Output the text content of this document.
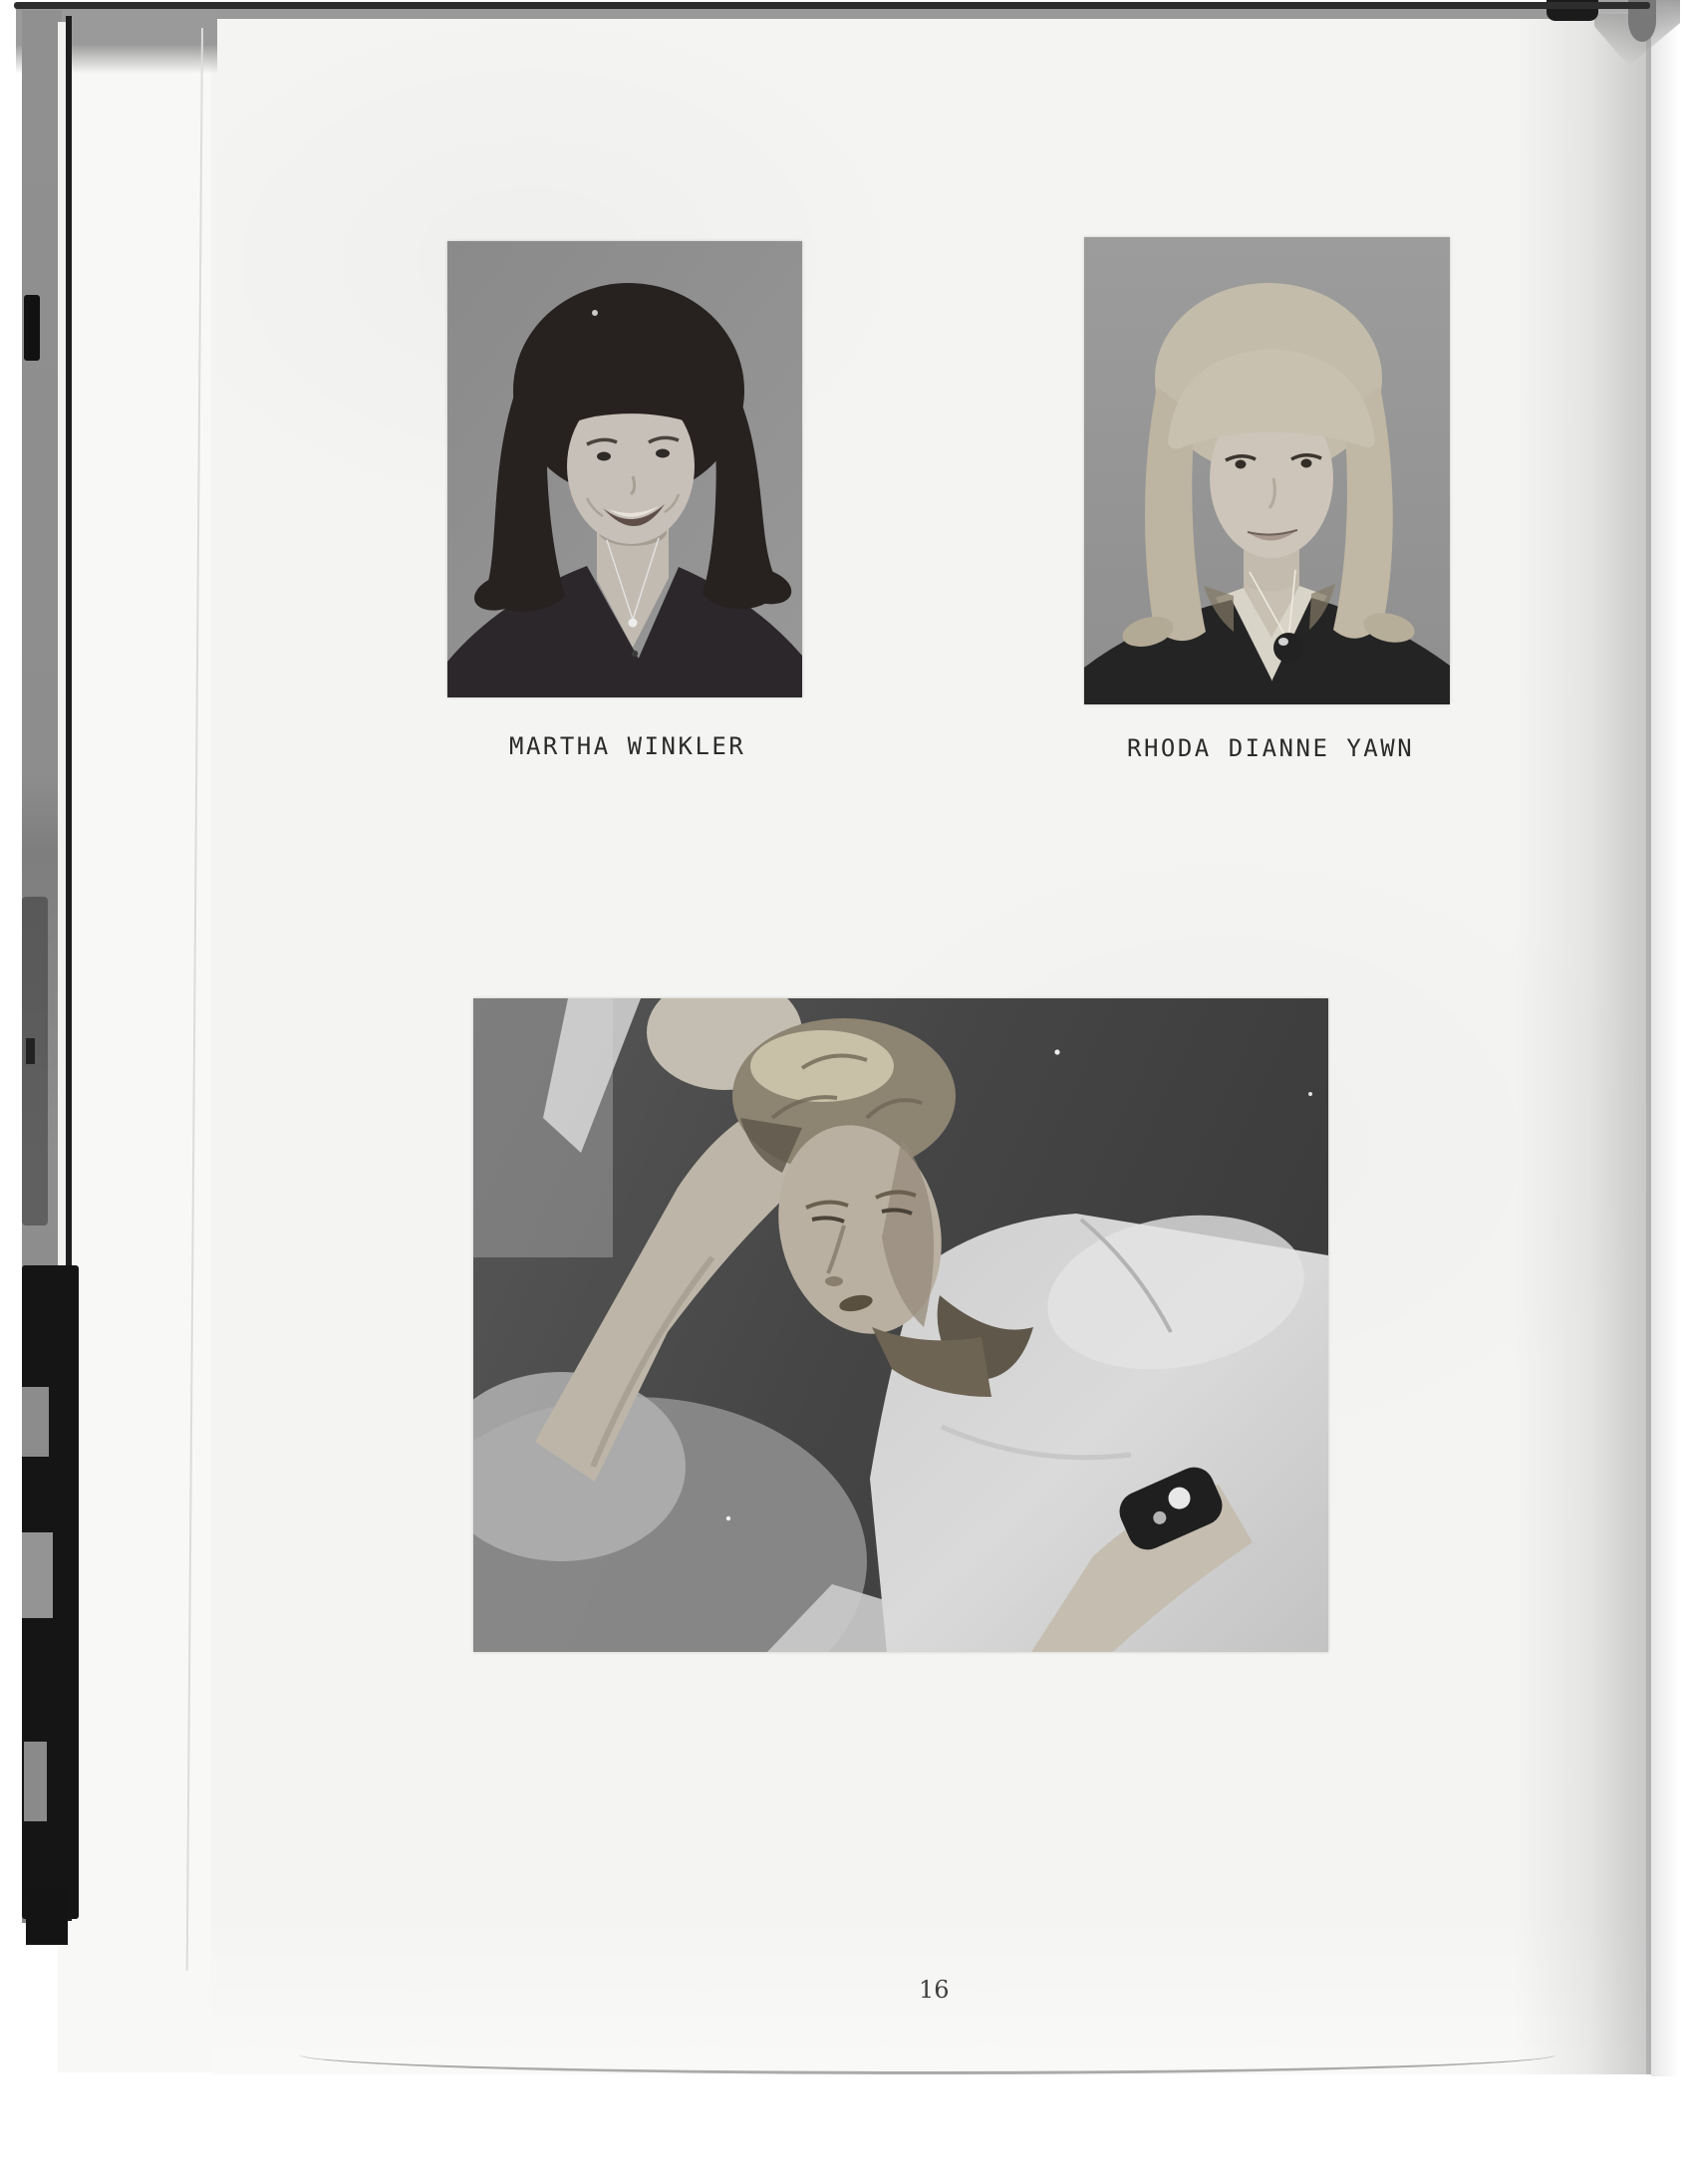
MARTHA WINKLER	RHODA DIANNE YAWN
16
